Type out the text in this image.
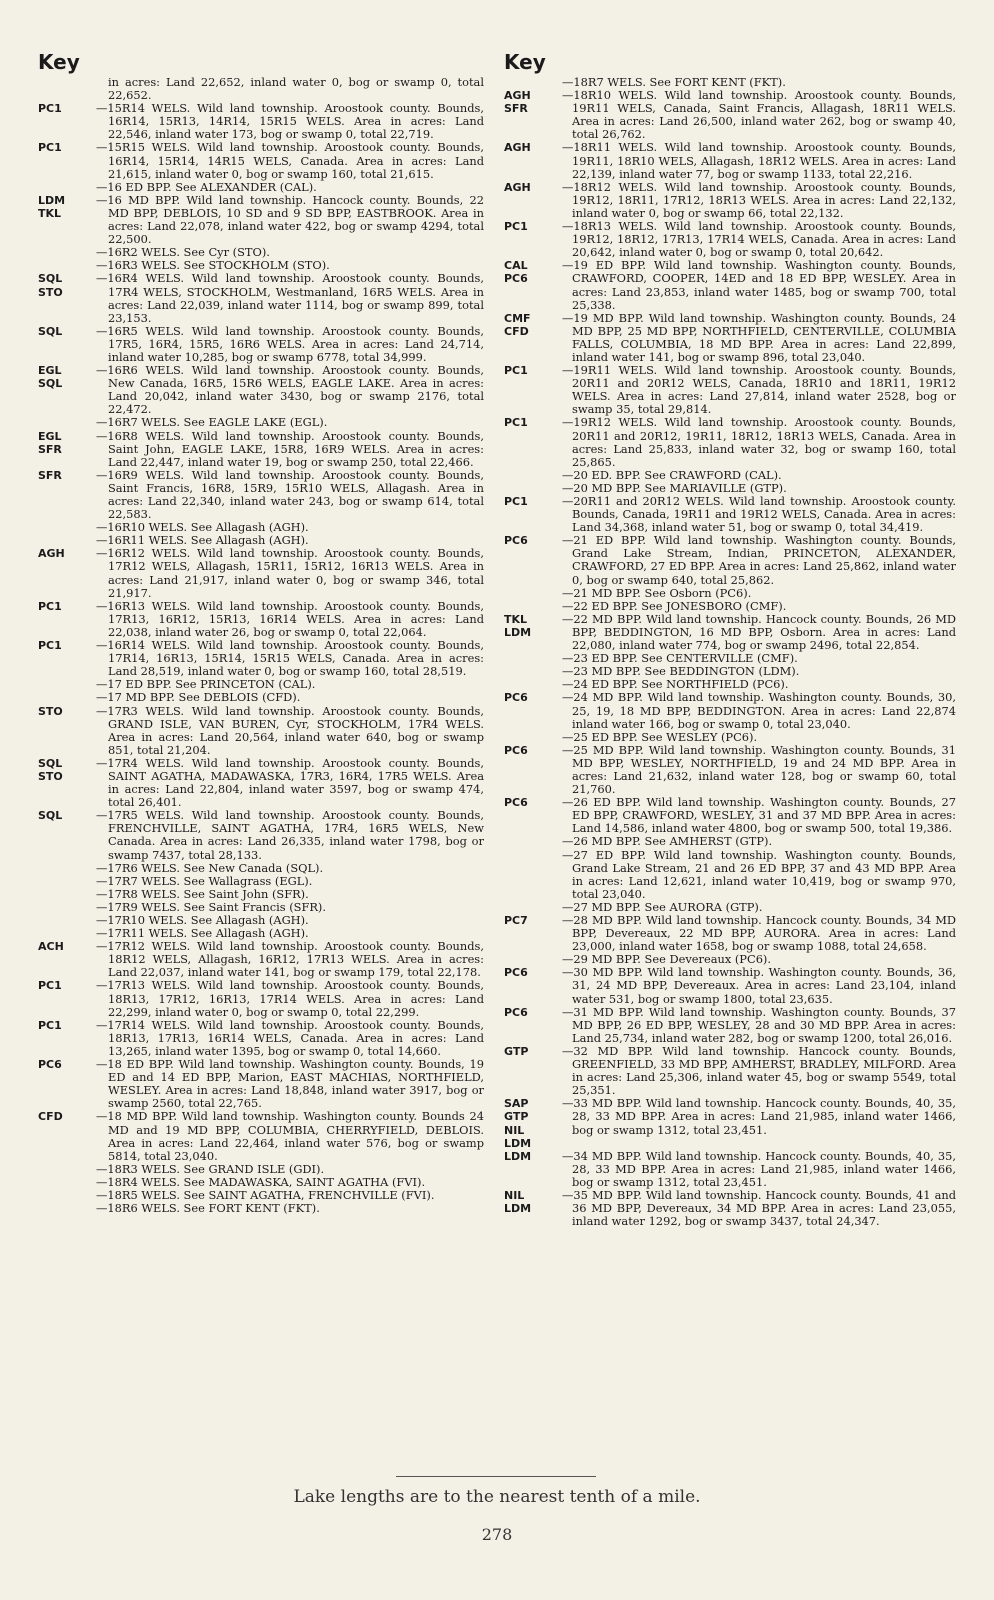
Key
in acres: Land 22,652, inland water 0, bog or swamp 0, total 22,652.
PC1	—15R14 WELS. Wild land township. Aroostook county. Bounds, 16R14, 15R13, 14R14, 15R15 WELS. Area in acres: Land 22,546, inland water 173, bog or swamp 0, total 22,719.
PC1	—15R15 WELS. Wild land township. Aroostook county. Bounds, 16R14, 15R14, 14R15 WELS, Canada. Area in acres: Land 21,615, inland water 0, bog or swamp 160, total 21,615.
—16 ED BPP. See ALEXANDER (CAL).
LDM
TKL
—16 MD BPP. Wild land township. Hancock county. Bounds, 22 MD BPP, DEBLOIS, 10 SD and 9 SD BPP, EASTBROOK. Area in acres: Land 22,078, inland water 422, bog or swamp 4294, total 22,500.
—16R2 WELS. See Cyr (STO).
—16R3 WELS. See STOCKHOLM (STO).
SQL
STO
—16R4 WELS. Wild land township. Aroostook county. Bounds, 17R4 WELS, STOCKHOLM, Westmanland, 16R5 WELS. Area in acres: Land 22,039, inland water 1114, bog or swamp 899, total 23,153.
SQL	—16R5 WELS. Wild land township. Aroostook county. Bounds, 17R5, 16R4, 15R5, 16R6 WELS. Area in acres: Land 24,714, inland water 10,285, bog or swamp 6778, total 34,999.
EGL
SQL
—16R6 WELS. Wild land township. Aroostook county. Bounds, New Canada, 16R5, 15R6 WELS, EAGLE LAKE. Area in acres: Land 20,042, inland water 3430, bog or swamp 2176, total 22,472.
—16R7 WELS. See EAGLE LAKE (EGL).
EGL
SFR
—16R8 WELS. Wild land township. Aroostook county. Bounds, Saint John, EAGLE LAKE, 15R8, 16R9 WELS. Area in acres: Land 22,447, inland water 19, bog or swamp 250, total 22,466.
SFR	—16R9 WELS. Wild land township. Aroostook county. Bounds, Saint Francis, 16R8, 15R9, 15R10 WELS, Allagash. Area in acres: Land 22,340, inland water 243, bog or swamp 614, total 22,583.
—16R10 WELS. See Allagash (AGH).
—16R11 WELS. See Allagash (AGH).
AGH	—16R12 WELS. Wild land township. Aroostook county. Bounds, 17R12 WELS, Allagash, 15R11, 15R12, 16R13 WELS. Area in acres: Land 21,917, inland water 0, bog or swamp 346, total 21,917.
PC1	—16R13 WELS. Wild land township. Aroostook county. Bounds, 17R13, 16R12, 15R13, 16R14 WELS. Area in acres: Land 22,038, inland water 26, bog or swamp 0, total 22,064.
PC1	—16R14 WELS. Wild land township. Aroostook county. Bounds, 17R14, 16R13, 15R14, 15R15 WELS, Canada. Area in acres: Land 28,519, inland water 0, bog or swamp 160, total 28,519.
—17 ED BPP. See PRINCETON (CAL).
—17 MD BPP. See DEBLOIS (CFD).
STO	—17R3 WELS. Wild land township. Aroostook county. Bounds, GRAND ISLE, VAN BUREN, Cyr, STOCKHOLM, 17R4 WELS. Area in acres: Land 20,564, inland water 640, bog or swamp 851, total 21,204.
SQL
STO
—17R4 WELS. Wild land township. Aroostook county. Bounds, SAINT AGATHA, MADAWASKA, 17R3, 16R4, 17R5 WELS. Area in acres: Land 22,804, inland water 3597, bog or swamp 474, total 26,401.
SQL	—17R5 WELS. Wild land township. Aroostook county. Bounds, FRENCHVILLE, SAINT AGATHA, 17R4, 16R5 WELS, New Canada. Area in acres: Land 26,335, inland water 1798, bog or swamp 7437, total 28,133.
—17R6 WELS. See New Canada (SQL).
—17R7 WELS. See Wallagrass (EGL).
—17R8 WELS. See Saint John (SFR).
—17R9 WELS. See Saint Francis (SFR).
—17R10 WELS. See Allagash (AGH).
—17R11 WELS. See Allagash (AGH).
ACH	—17R12 WELS. Wild land township. Aroostook county. Bounds, 18R12 WELS, Allagash, 16R12, 17R13 WELS. Area in acres: Land 22,037, inland water 141, bog or swamp 179, total 22,178.
PC1	—17R13 WELS. Wild land township. Aroostook county. Bounds, 18R13, 17R12, 16R13, 17R14 WELS. Area in acres: Land 22,299, inland water 0, bog or swamp 0, total 22,299.
PC1	—17R14 WELS. Wild land township. Aroostook county. Bounds, 18R13, 17R13, 16R14 WELS, Canada. Area in acres: Land 13,265, inland water 1395, bog or swamp 0, total 14,660.
PC6	—18 ED BPP. Wild land township. Washington county. Bounds, 19 ED and 14 ED BPP, Marion, EAST MACHIAS, NORTHFIELD, WESLEY. Area in acres: Land 18,848, inland water 3917, bog or swamp 2560, total 22,765.
CFD	—18 MD BPP. Wild land township. Washington county. Bounds 24 MD and 19 MD BPP, COLUMBIA, CHERRYFIELD, DEBLOIS. Area in acres: Land 22,464, inland water 576, bog or swamp 5814, total 23,040.
—18R3 WELS. See GRAND ISLE (GDI).
—18R4 WELS. See MADAWASKA, SAINT AGATHA (FVI).
—18R5 WELS. See SAINT AGATHA, FRENCHVILLE (FVI).
—18R6 WELS. See FORT KENT (FKT).
Key
—18R7 WELS. See FORT KENT (FKT).
AGH
SFR
—18R10 WELS. Wild land township. Aroostook county. Bounds, 19R11 WELS, Canada, Saint Francis, Allagash, 18R11 WELS. Area in acres: Land 26,500, inland water 262, bog or swamp 40, total 26,762.
AGH	—18R11 WELS. Wild land township. Aroostook county. Bounds, 19R11, 18R10 WELS, Allagash, 18R12 WELS. Area in acres: Land 22,139, inland water 77, bog or swamp 1133, total 22,216.
AGH	—18R12 WELS. Wild land township. Aroostook county. Bounds, 19R12, 18R11, 17R12, 18R13 WELS. Area in acres: Land 22,132, inland water 0, bog or swamp 66, total 22,132.
PC1	—18R13 WELS. Wild land township. Aroostook county. Bounds, 19R12, 18R12, 17R13, 17R14 WELS, Canada. Area in acres: Land 20,642, inland water 0, bog or swamp 0, total 20,642.
CAL
PC6
—19 ED BPP. Wild land township. Washington county. Bounds, CRAWFORD, COOPER, 14ED and 18 ED BPP, WESLEY. Area in acres: Land 23,853, inland water 1485, bog or swamp 700, total 25,338.
CMF
CFD
—19 MD BPP. Wild land township. Washington county. Bounds, 24 MD BPP, 25 MD BPP, NORTHFIELD, CENTERVILLE, COLUMBIA FALLS, COLUMBIA, 18 MD BPP. Area in acres: Land 22,899, inland water 141, bog or swamp 896, total 23,040.
PC1	—19R11 WELS. Wild land township. Aroostook county. Bounds, 20R11 and 20R12 WELS, Canada, 18R10 and 18R11, 19R12 WELS. Area in acres: Land 27,814, inland water 2528, bog or swamp 35, total 29,814.
PC1	—19R12 WELS. Wild land township. Aroostook county. Bounds, 20R11 and 20R12, 19R11, 18R12, 18R13 WELS, Canada. Area in acres: Land 25,833, inland water 32, bog or swamp 160, total 25,865.
—20 ED. BPP. See CRAWFORD (CAL).
—20 MD BPP. See MARIAVILLE (GTP).
PC1	—20R11 and 20R12 WELS. Wild land township. Aroostook county. Bounds, Canada, 19R11 and 19R12 WELS, Canada. Area in acres: Land 34,368, inland water 51, bog or swamp 0, total 34,419.
PC6	—21 ED BPP. Wild land township. Washington county. Bounds, Grand Lake Stream, Indian, PRINCETON, ALEXANDER, CRAWFORD, 27 ED BPP. Area in acres: Land 25,862, inland water 0, bog or swamp 640, total 25,862.
—21 MD BPP. See Osborn (PC6).
—22 ED BPP. See JONESBORO (CMF).
TKL
LDM
—22 MD BPP. Wild land township. Hancock county. Bounds, 26 MD BPP, BEDDINGTON, 16 MD BPP, Osborn. Area in acres: Land 22,080, inland water 774, bog or swamp 2496, total 22,854.
—23 ED BPP. See CENTERVILLE (CMF).
—23 MD BPP. See BEDDINGTON (LDM).
—24 ED BPP. See NORTHFIELD (PC6).
PC6	—24 MD BPP. Wild land township. Washington county. Bounds, 30, 25, 19, 18 MD BPP, BEDDINGTON. Area in acres: Land 22,874 inland water 166, bog or swamp 0, total 23,040.
—25 ED BPP. See WESLEY (PC6).
PC6	—25 MD BPP. Wild land township. Washington county. Bounds, 31 MD BPP, WESLEY, NORTHFIELD, 19 and 24 MD BPP. Area in acres: Land 21,632, inland water 128, bog or swamp 60, total 21,760.
PC6	—26 ED BPP. Wild land township. Washington county. Bounds, 27 ED BPP, CRAWFORD, WESLEY, 31 and 37 MD BPP. Area in acres: Land 14,586, inland water 4800, bog or swamp 500, total 19,386.
—26 MD BPP. See AMHERST (GTP).
—27 ED BPP. Wild land township. Washington county. Bounds, Grand Lake Stream, 21 and 26 ED BPP, 37 and 43 MD BPP. Area in acres: Land 12,621, inland water 10,419, bog or swamp 970, total 23,040.
—27 MD BPP. See AURORA (GTP).
PC7	—28 MD BPP. Wild land township. Hancock county. Bounds, 34 MD BPP, Devereaux, 22 MD BPP, AURORA. Area in acres: Land 23,000, inland water 1658, bog or swamp 1088, total 24,658.
—29 MD BPP. See Devereaux (PC6).
PC6	—30 MD BPP. Wild land township. Washington county. Bounds, 36, 31, 24 MD BPP, Devereaux. Area in acres: Land 23,104, inland water 531, bog or swamp 1800, total 23,635.
PC6	—31 MD BPP. Wild land township. Washington county. Bounds, 37 MD BPP, 26 ED BPP, WESLEY, 28 and 30 MD BPP. Area in acres: Land 25,734, inland water 282, bog or swamp 1200, total 26,016.
GTP	—32 MD BPP. Wild land township. Hancock county. Bounds, GREENFIELD, 33 MD BPP, AMHERST, BRADLEY, MILFORD. Area in acres: Land 25,306, inland water 45, bog or swamp 5549, total 25,351.
SAP
GTP
NIL
LDM
—33 MD BPP. Wild land township. Hancock county. Bounds, 40, 35, 28, 33 MD BPP. Area in acres: Land 21,985, inland water 1466, bog or swamp 1312, total 23,451.
LDM	—34 MD BPP. Wild land township. Hancock county. Bounds, 40, 35, 28, 33 MD BPP. Area in acres: Land 21,985, inland water 1466, bog or swamp 1312, total 23,451.
NIL
LDM
—35 MD BPP. Wild land township. Hancock county. Bounds, 41 and 36 MD BPP, Devereaux, 34 MD BPP. Area in acres: Land 23,055, inland water 1292, bog or swamp 3437, total 24,347.
Lake lengths are to the nearest tenth of a mile.
278
